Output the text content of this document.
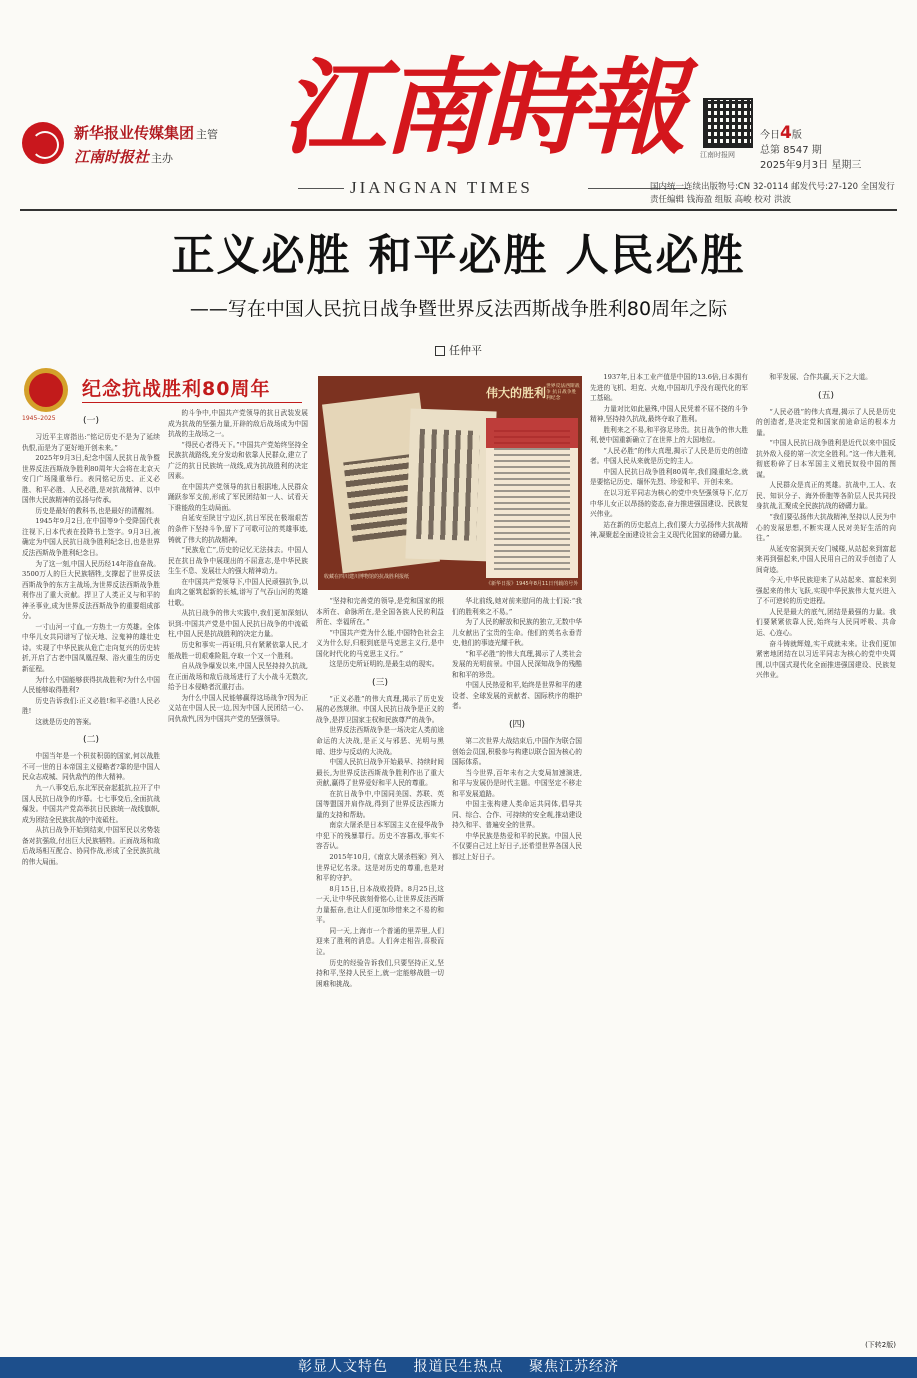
新华报业传媒集团 主管
江南时报社 主办 江南時報
JIANGNAN TIMES
江南时报网
今日4版
总第 8547 期
2025年9月3日 星期三
国内统一连续出版物号:CN 32-0114 邮发代号:27-120 全国发行
责任编辑 钱海盈 组版 高峻 校对 洪波
正义必胜 和平必胜 人民必胜
——写在中国人民抗日战争暨世界反法西斯战争胜利80周年之际
任仲平
1945–2025
纪念抗战胜利80周年
(一)

习近平主席指出:“铭记历史不是为了延续仇恨,而是为了更好地开创未来。”

2025年9月3日,纪念中国人民抗日战争暨世界反法西斯战争胜利80周年大会将在北京天安门广场隆重举行。表同铭记历史、正义必胜、和平必胜、人民必胜,是对抗战精神、以中国伟大民族精神的弘扬与传承。

历史是最好的教科书,也是最好的清醒剂。

1945年9月2日,在中国等9个受降国代表注视下,日本代表在投降书上签字。9月3日,被确定为中国人民抗日战争胜利纪念日,也是世界反法西斯战争胜利纪念日。

为了这一刻,中国人民历经14年浴血奋战。3500万人的巨大民族牺牲,支撑起了世界反法西斯战争的东方主战场,为世界反法西斯战争胜利作出了重大贡献。捍卫了人类正义与和平的神圣事业,成为世界反法西斯战争的重要组成部分。

一寸山河一寸血,一方热土一方英雄。全体中华儿女共同谱写了惊天地、泣鬼神的雄壮史诗。实现了中华民族从危亡走向复兴的历史转折,开启了古老中国凤凰涅槃、浴火重生的历史新征程。

为什么中国能够获得抗战胜利?为什么中国人民能够取得胜利?

历史告诉我们:正义必胜!和平必胜!人民必胜!

这就是历史的答案。

(二)

中国当年是一个积贫积弱的国家,何以战胜不可一世的日本帝国主义侵略者?靠的是中国人民众志成城、同仇敌忾的伟大精神。

九一八事变后,东北军民奋起抵抗,拉开了中国人民抗日战争的序幕。七七事变后,全面抗战爆发。中国共产党高举抗日民族统一战线旗帜,成为团结全民族抗战的中流砥柱。

从抗日战争开始到结束,中国军民以劣势装备对抗强敌,付出巨大民族牺牲。正面战场和敌后战场相互配合、协同作战,形成了全民族抗战的伟大局面。

的斗争中,中国共产党领导的抗日武装发展成为抗战的坚强力量,开辟的敌后战场成为中国抗战的主战场之一。

“得民心者得天下。”中国共产党始终坚持全民族抗战路线,充分发动和依靠人民群众,建立了广泛的抗日民族统一战线,成为抗战胜利的决定因素。

在中国共产党领导的抗日根据地,人民群众踊跃参军支前,形成了军民团结如一人、试看天下谁能敌的生动局面。

自延安至陕甘宁边区,抗日军民在极端艰苦的条件下坚持斗争,留下了可歌可泣的英雄事迹,铸就了伟大的抗战精神。

“民族危亡”,历史的记忆无法抹去。中国人民在抗日战争中展现出的不屈意志,是中华民族生生不息、发展壮大的强大精神动力。

在中国共产党领导下,中国人民顽强抗争,以血肉之躯筑起新的长城,谱写了气吞山河的英雄壮歌。

从抗日战争的伟大实践中,我们更加深刻认识到:中国共产党是中国人民抗日战争的中流砥柱,中国人民是抗战胜利的决定力量。

历史和事实一再证明,只有紧紧依靠人民,才能战胜一切艰难险阻,夺取一个又一个胜利。

自从战争爆发以来,中国人民坚持持久抗战,在正面战场和敌后战场进行了大小战斗无数次,给予日本侵略者沉重打击。

为什么中国人民能够赢得这场战争?因为正义站在中国人民一边,因为中国人民团结一心、同仇敌忾,因为中国共产党的坚强领导。

伟大的胜利 世界反法西斯战争 抗日战争胜利纪念
收藏在四川建川博物馆的抗战胜利报纸
《新华日报》1945年8月11日刊载的号外

“坚持和完善党的领导,是党和国家的根本所在、命脉所在,是全国各族人民的利益所在、幸福所在。”

“中国共产党为什么能,中国特色社会主义为什么好,归根到底是马克思主义行,是中国化时代化的马克思主义行。”

这是历史所证明的,是最生动的现实。

(三)

“正义必胜”的伟大真理,揭示了历史发展的必然规律。中国人民抗日战争是正义的战争,是捍卫国家主权和民族尊严的战争。

世界反法西斯战争是一场决定人类前途命运的大决战,是正义与邪恶、光明与黑暗、进步与反动的大决战。

中国人民抗日战争开始最早、持续时间最长,为世界反法西斯战争胜利作出了重大贡献,赢得了世界爱好和平人民的尊重。

在抗日战争中,中国同美国、苏联、英国等盟国并肩作战,得到了世界反法西斯力量的支持和帮助。

南京大屠杀是日本军国主义在侵华战争中犯下的残暴罪行。历史不容篡改,事实不容否认。

2015年10月,《南京大屠杀档案》列入世界记忆名录。这是对历史的尊重,也是对和平的守护。

8月15日,日本战败投降。8月25日,这一天,让中华民族刻骨铭心,让世界反法西斯力量振奋,也让人们更加珍惜来之不易的和平。

同一天,上海市一个普通的里弄里,人们迎来了胜利的消息。人们奔走相告,喜极而泣。

历史的经验告诉我们,只要坚持正义,坚持和平,坚持人民至上,就一定能够战胜一切困难和挑战。

华北前线,她对前来慰问的战士们说:“我们的胜利来之不易。”

为了人民的解放和民族的独立,无数中华儿女献出了宝贵的生命。他们的英名永垂青史,他们的事迹光耀千秋。

“和平必胜”的伟大真理,揭示了人类社会发展的光明前景。中国人民深知战争的残酷和和平的珍贵。

中国人民热爱和平,始终是世界和平的建设者、全球发展的贡献者、国际秩序的维护者。

(四)

第二次世界大战结束后,中国作为联合国创始会员国,积极参与构建以联合国为核心的国际体系。

当今世界,百年未有之大变局加速演进,和平与发展仍是时代主题。中国坚定不移走和平发展道路。

中国主张构建人类命运共同体,倡导共同、综合、合作、可持续的安全观,推动建设持久和平、普遍安全的世界。

中华民族是热爱和平的民族。中国人民不仅要自己过上好日子,还希望世界各国人民都过上好日子。

1937年,日本工业产值是中国的13.6倍,日本拥有先进的飞机、坦克、火炮,中国却几乎没有现代化的军工基础。

力量对比如此悬殊,中国人民凭着不屈不挠的斗争精神,坚持持久抗战,最终夺取了胜利。

胜利来之不易,和平弥足珍贵。抗日战争的伟大胜利,使中国重新确立了在世界上的大国地位。

“人民必胜”的伟大真理,揭示了人民是历史的创造者。中国人民从来就是历史的主人。

中国人民抗日战争胜利80周年,我们隆重纪念,就是要铭记历史、缅怀先烈、珍爱和平、开创未来。

在以习近平同志为核心的党中央坚强领导下,亿万中华儿女正以昂扬的姿态,奋力推进强国建设、民族复兴伟业。

站在新的历史起点上,我们要大力弘扬伟大抗战精神,凝聚起全面建设社会主义现代化国家的磅礴力量。

和平发展、合作共赢,天下之大道。

(五)

“人民必胜”的伟大真理,揭示了人民是历史的创造者,是决定党和国家前途命运的根本力量。

“中国人民抗日战争胜利是近代以来中国反抗外敌入侵的第一次完全胜利。”这一伟大胜利,彻底粉碎了日本军国主义殖民奴役中国的图谋。

人民群众是真正的英雄。抗战中,工人、农民、知识分子、海外侨胞等各阶层人民共同投身抗战,汇聚成全民族抗战的磅礴力量。

“我们要弘扬伟大抗战精神,坚持以人民为中心的发展思想,不断实现人民对美好生活的向往。”

从延安窑洞到天安门城楼,从站起来到富起来再到强起来,中国人民用自己的双手创造了人间奇迹。

今天,中华民族迎来了从站起来、富起来到强起来的伟大飞跃,实现中华民族伟大复兴进入了不可逆转的历史进程。

人民是最大的底气,团结是最强的力量。我们要紧紧依靠人民,始终与人民同呼吸、共命运、心连心。

奋斗铸就辉煌,实干成就未来。让我们更加紧密地团结在以习近平同志为核心的党中央周围,以中国式现代化全面推进强国建设、民族复兴伟业。

(下转2版)
彰显人文特色 报道民生热点 聚焦江苏经济
